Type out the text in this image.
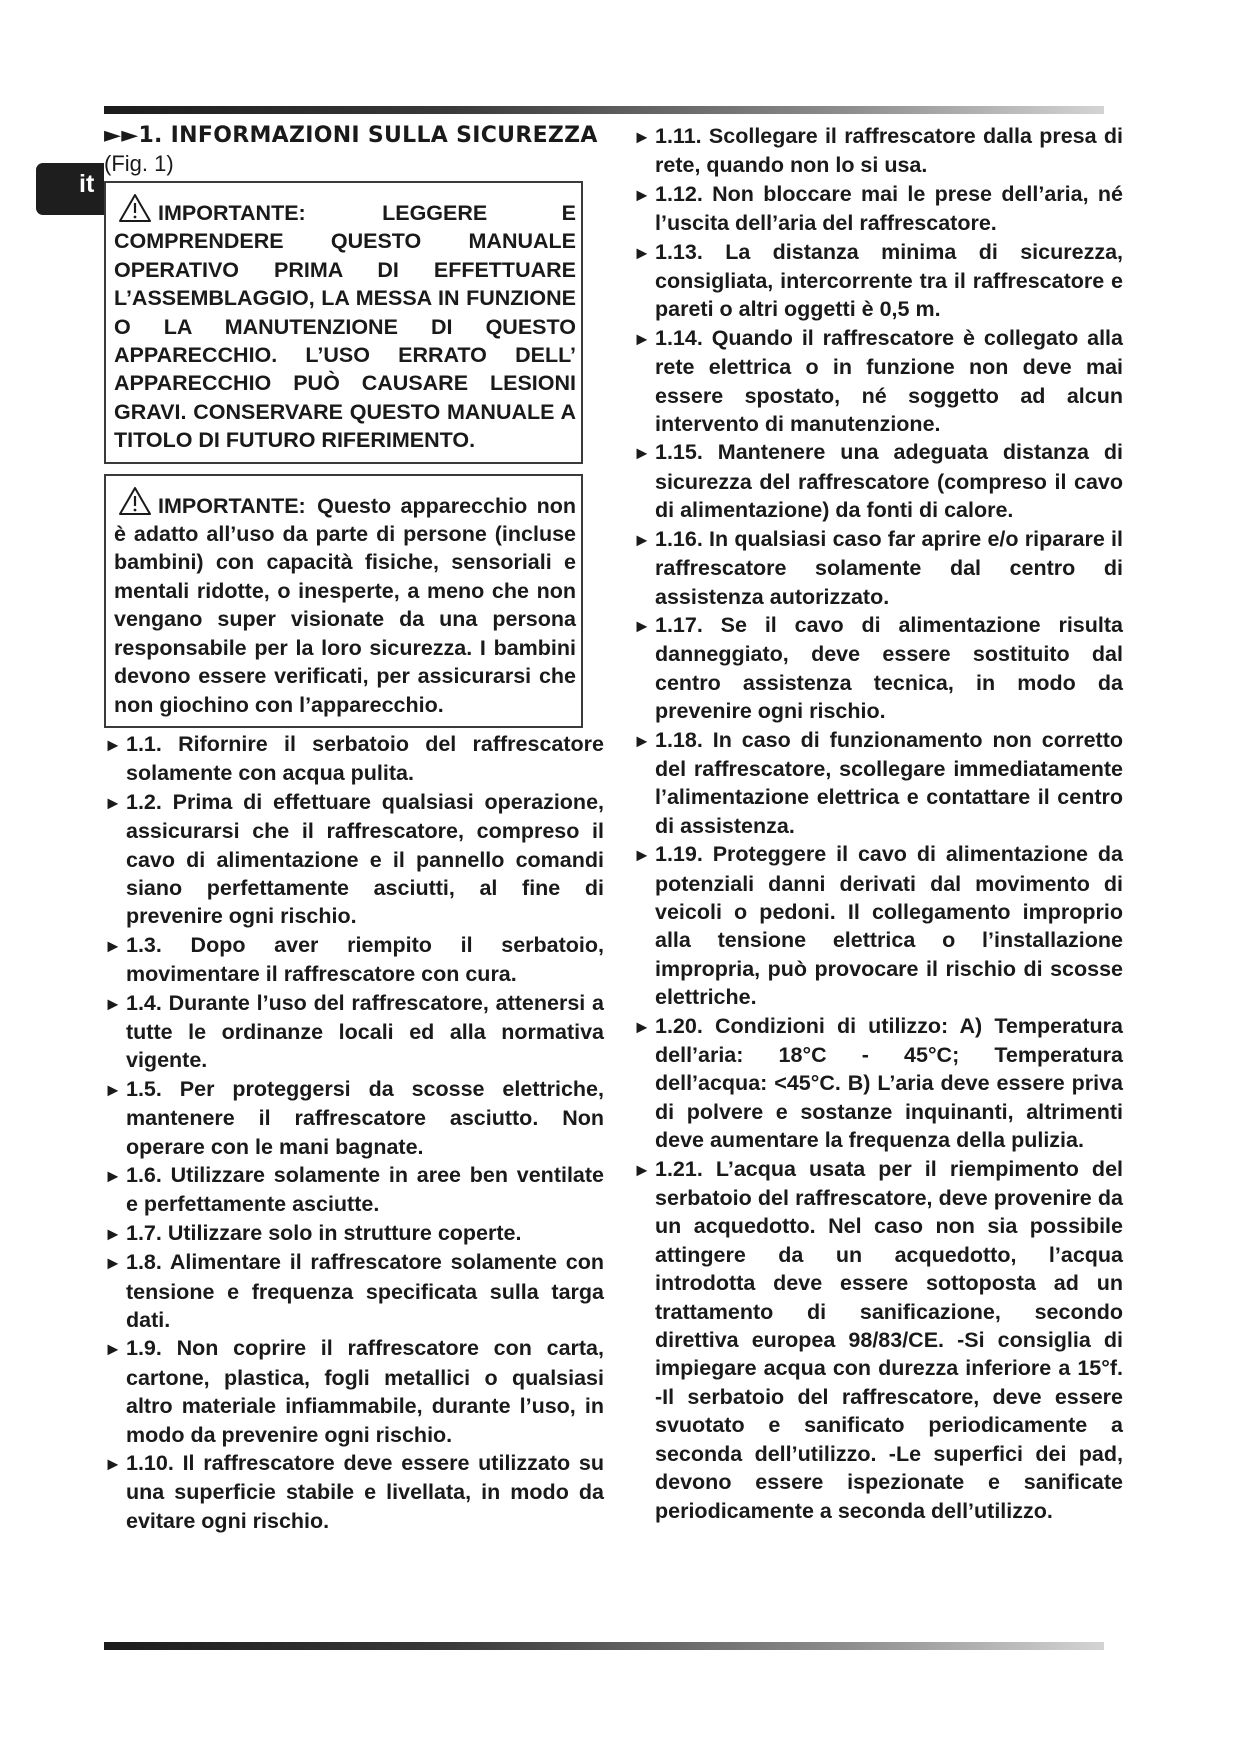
it
►►1. INFORMAZIONI SULLA SICUREZZA
(Fig. 1)
IMPORTANTE:	LEGGERE E COMPRENDERE QUESTO MANUALE OPERATIVO PRIMA DI EFFETTUARE L’ASSEMBLAGGIO, LA MESSA IN FUNZIONE O LA MANUTENZIONE DI QUESTO APPARECCHIO. L’USO ERRATO DELL’ APPARECCHIO PUÒ CAUSARE LESIONI GRAVI. CONSERVARE QUESTO MANUALE A TITOLO DI FUTURO RIFERIMENTO.
IMPORTANTE: Questo apparecchio non è adatto all’uso da parte di persone (incluse bambini) con capacità fisiche, sensoriali e mentali ridotte, o inesperte, a meno che non vengano super visionate da una persona responsabile per la loro sicurezza. I bambini devono essere verificati, per assicurarsi che non giochino con l’apparecchio.
► 1.1. Rifornire il serbatoio del raffrescatore solamente con acqua pulita.
► 1.2. Prima di effettuare qualsiasi operazione, assicurarsi che il raffrescatore, compreso il cavo di alimentazione e il pannello comandi siano perfettamente asciutti, al fine di prevenire ogni rischio.
► 1.3. Dopo aver riempito il serbatoio, movimentare il raffrescatore con cura.
► 1.4. Durante l’uso del raffrescatore, attenersi a tutte le ordinanze locali ed alla normativa vigente.
► 1.5. Per proteggersi da scosse elettriche, mantenere il raffrescatore asciutto. Non operare con le mani bagnate.
► 1.6. Utilizzare solamente in aree ben ventilate e perfettamente asciutte.
► 1.7. Utilizzare solo in strutture coperte.
► 1.8. Alimentare il raffrescatore solamente con tensione e frequenza specificata sulla targa dati.
► 1.9. Non coprire il raffrescatore con carta, cartone, plastica, fogli metallici o qualsiasi altro materiale infiammabile, durante l’uso, in modo da prevenire ogni rischio.
► 1.10. Il raffrescatore deve essere utilizzato su una superficie stabile e livellata, in modo da evitare ogni rischio.
► 1.11. Scollegare il raffrescatore dalla presa di rete, quando non lo si usa.
► 1.12. Non bloccare mai le prese dell’aria, né l’uscita dell’aria del raffrescatore.
► 1.13. La distanza minima di sicurezza, consigliata, intercorrente tra il raffrescatore e pareti o altri oggetti è 0,5 m.
► 1.14. Quando il raffrescatore è collegato alla rete elettrica o in funzione non deve mai essere spostato, né soggetto ad alcun intervento di manutenzione.
► 1.15. Mantenere una adeguata distanza di sicurezza del raffrescatore (compreso il cavo di alimentazione) da fonti di calore.
► 1.16. In qualsiasi caso far aprire e/o riparare il raffrescatore solamente dal centro di assistenza autorizzato.
► 1.17. Se il cavo di alimentazione risulta danneggiato, deve essere sostituito dal centro assistenza tecnica, in modo da prevenire ogni rischio.
► 1.18. In caso di funzionamento non corretto del raffrescatore, scollegare immediatamente l’alimentazione elettrica e contattare il centro di assistenza.
► 1.19. Proteggere il cavo di alimentazione da potenziali danni derivati dal movimento di veicoli o pedoni. Il collegamento improprio alla tensione elettrica o l’installazione impropria, può provocare il rischio di scosse elettriche.
► 1.20. Condizioni di utilizzo: A) Temperatura dell’aria: 18°C - 45°C; Temperatura dell’acqua: <45°C. B) L’aria deve essere priva di polvere e sostanze inquinanti, altrimenti deve aumentare la frequenza della pulizia.
► 1.21. L’acqua usata per il riempimento del serbatoio del raffrescatore, deve provenire da un acquedotto. Nel caso non sia possibile attingere da un acquedotto, l’acqua introdotta deve essere sottoposta ad un trattamento di sanificazione, secondo direttiva europea 98/83/CE. -Si consiglia di impiegare acqua con durezza inferiore a 15°f. -Il serbatoio del raffrescatore, deve essere svuotato e sanificato periodicamente a seconda dell’utilizzo. -Le superfici dei pad, devono essere ispezionate e sanificate periodicamente a seconda dell’utilizzo.
